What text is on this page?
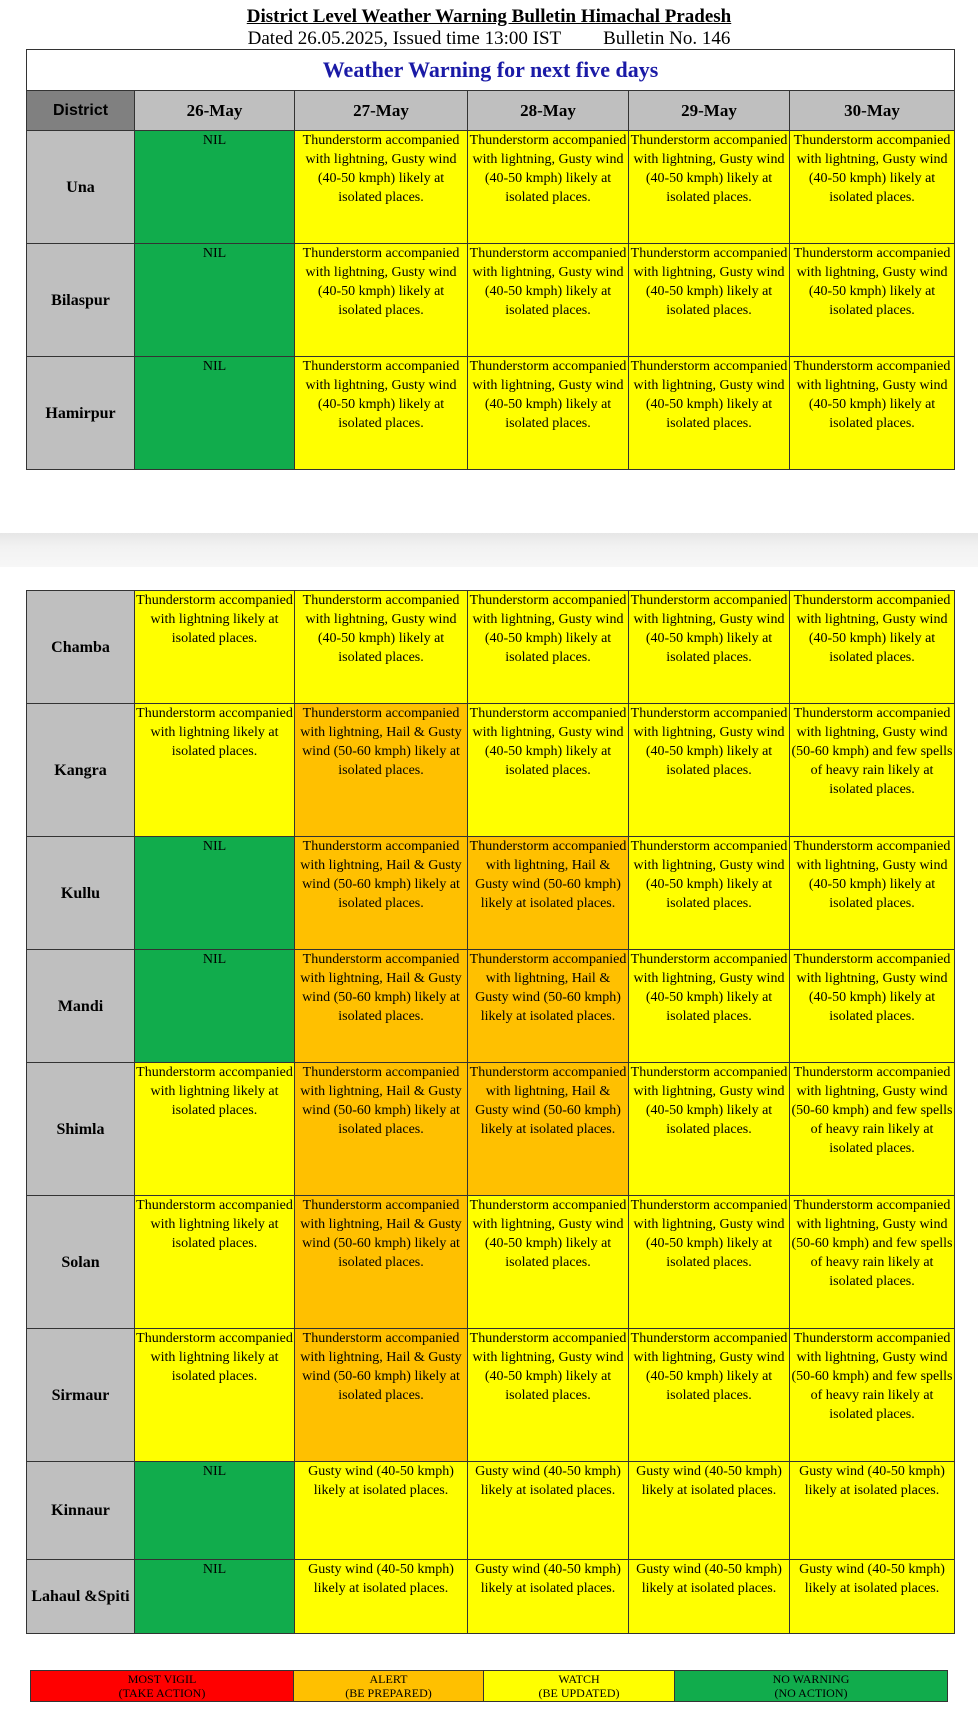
District Level Weather Warning Bulletin Himachal Pradesh
Dated 26.05.2025, Issued time 13:00 IST Bulletin No. 146
Weather Warning for next five days					
District	26-May	27-May	28-May	29-May	30-May
Una	NIL	Thunderstorm accompanied with lightning, Gusty wind (40-50 kmph) likely at isolated places.	Thunderstorm accompanied with lightning, Gusty wind (40-50 kmph) likely at isolated places.	Thunderstorm accompanied with lightning, Gusty wind (40-50 kmph) likely at isolated places.	Thunderstorm accompanied with lightning, Gusty wind (40-50 kmph) likely at isolated places.
Bilaspur	NIL	Thunderstorm accompanied with lightning, Gusty wind (40-50 kmph) likely at isolated places.	Thunderstorm accompanied with lightning, Gusty wind (40-50 kmph) likely at isolated places.	Thunderstorm accompanied with lightning, Gusty wind (40-50 kmph) likely at isolated places.	Thunderstorm accompanied with lightning, Gusty wind (40-50 kmph) likely at isolated places.
Hamirpur	NIL	Thunderstorm accompanied with lightning, Gusty wind (40-50 kmph) likely at isolated places.	Thunderstorm accompanied with lightning, Gusty wind (40-50 kmph) likely at isolated places.	Thunderstorm accompanied with lightning, Gusty wind (40-50 kmph) likely at isolated places.	Thunderstorm accompanied with lightning, Gusty wind (40-50 kmph) likely at isolated places.
Chamba	Thunderstorm accompanied with lightning likely at isolated places.	Thunderstorm accompanied with lightning, Gusty wind (40-50 kmph) likely at isolated places.	Thunderstorm accompanied with lightning, Gusty wind (40-50 kmph) likely at isolated places.	Thunderstorm accompanied with lightning, Gusty wind (40-50 kmph) likely at isolated places.	Thunderstorm accompanied with lightning, Gusty wind (40-50 kmph) likely at isolated places.
Kangra	Thunderstorm accompanied with lightning likely at isolated places.	Thunderstorm accompanied with lightning, Hail & Gusty wind (50-60 kmph) likely at isolated places.	Thunderstorm accompanied with lightning, Gusty wind (40-50 kmph) likely at isolated places.	Thunderstorm accompanied with lightning, Gusty wind (40-50 kmph) likely at isolated places.	Thunderstorm accompanied with lightning, Gusty wind (50-60 kmph) and few spells of heavy rain likely at isolated places.
Kullu	NIL	Thunderstorm accompanied with lightning, Hail & Gusty wind (50-60 kmph) likely at isolated places.	Thunderstorm accompanied with lightning, Hail & Gusty wind (50-60 kmph) likely at isolated places.	Thunderstorm accompanied with lightning, Gusty wind (40-50 kmph) likely at isolated places.	Thunderstorm accompanied with lightning, Gusty wind (40-50 kmph) likely at isolated places.
Mandi	NIL	Thunderstorm accompanied with lightning, Hail & Gusty wind (50-60 kmph) likely at isolated places.	Thunderstorm accompanied with lightning, Hail & Gusty wind (50-60 kmph) likely at isolated places.	Thunderstorm accompanied with lightning, Gusty wind (40-50 kmph) likely at isolated places.	Thunderstorm accompanied with lightning, Gusty wind (40-50 kmph) likely at isolated places.
Shimla	Thunderstorm accompanied with lightning likely at isolated places.	Thunderstorm accompanied with lightning, Hail & Gusty wind (50-60 kmph) likely at isolated places.	Thunderstorm accompanied with lightning, Hail & Gusty wind (50-60 kmph) likely at isolated places.	Thunderstorm accompanied with lightning, Gusty wind (40-50 kmph) likely at isolated places.	Thunderstorm accompanied with lightning, Gusty wind (50-60 kmph) and few spells of heavy rain likely at isolated places.
Solan	Thunderstorm accompanied with lightning likely at isolated places.	Thunderstorm accompanied with lightning, Hail & Gusty wind (50-60 kmph) likely at isolated places.	Thunderstorm accompanied with lightning, Gusty wind (40-50 kmph) likely at isolated places.	Thunderstorm accompanied with lightning, Gusty wind (40-50 kmph) likely at isolated places.	Thunderstorm accompanied with lightning, Gusty wind (50-60 kmph) and few spells of heavy rain likely at isolated places.
Sirmaur	Thunderstorm accompanied with lightning likely at isolated places.	Thunderstorm accompanied with lightning, Hail & Gusty wind (50-60 kmph) likely at isolated places.	Thunderstorm accompanied with lightning, Gusty wind (40-50 kmph) likely at isolated places.	Thunderstorm accompanied with lightning, Gusty wind (40-50 kmph) likely at isolated places.	Thunderstorm accompanied with lightning, Gusty wind (50-60 kmph) and few spells of heavy rain likely at isolated places.
Kinnaur	NIL	Gusty wind (40-50 kmph) likely at isolated places.	Gusty wind (40-50 kmph) likely at isolated places.	Gusty wind (40-50 kmph) likely at isolated places.	Gusty wind (40-50 kmph) likely at isolated places.
Lahaul &Spiti	NIL	Gusty wind (40-50 kmph) likely at isolated places.	Gusty wind (40-50 kmph) likely at isolated places.	Gusty wind (40-50 kmph) likely at isolated places.	Gusty wind (40-50 kmph) likely at isolated places.
MOST VIGIL
(TAKE ACTION)
ALERT
(BE PREPARED)
WATCH
(BE UPDATED)
NO WARNING
(NO ACTION)
